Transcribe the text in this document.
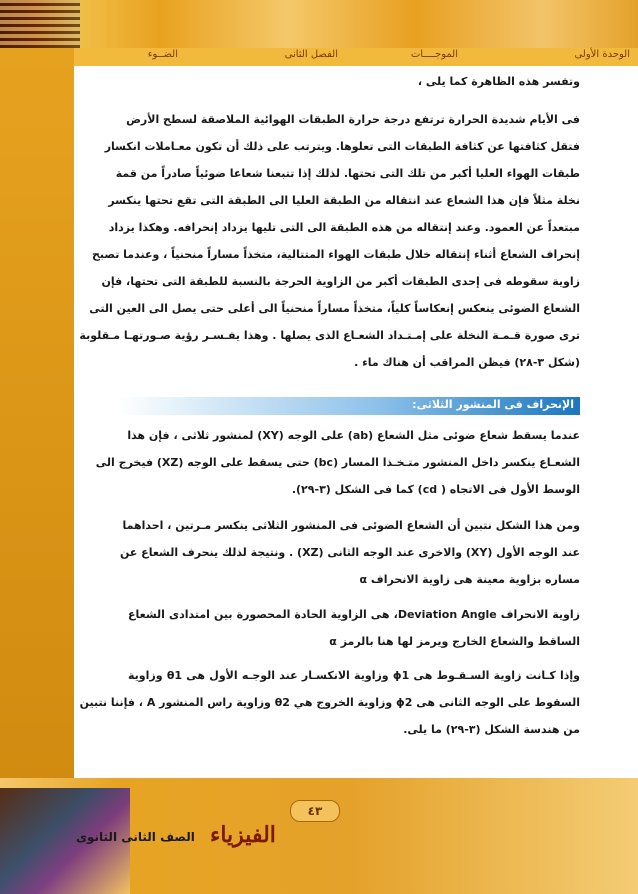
الوحدة الأولى
الموجــــات
الفصل الثانى
الضــوء
وتفسر هذه الظاهرة كما يلى ،
فى الأيام شديدة الحرارة ترتفع درجة حرارة الطبقات الهوائية الملاصقة لسطح الأرض
فتقل كثافتها عن كثافة الطبقات التى تعلوها. ويترتب على ذلك أن تكون معـاملات انكسار
طبقات الهواء العليا أكبر من تلك التى تحتها. لذلك إذا تتبعنا شعاعا ضوئياً صادراً من قمة
نخلة مثلاً فإن هذا الشعاع عند انتقاله من الطبقة العليا الى الطبقة التى تقع تحتها ينكسر
مبتعداً عن العمود. وعند إنتقاله من هذه الطبقة الى التى تليها يزداد إنحرافه. وهكذا يزداد
إنحراف الشعاع أثناء إنتقاله خلال طبقات الهواء المتتالية، متخذاً مساراً منحنياً ، وعندما تصبح
زاوية سقوطه فى إحدى الطبقات أكبر من الزاوية الحرجة بالنسبة للطبقة التى تحتها، فإن
الشعاع الضوئى ينعكس إنعكاساً كلياً، متخذاً مساراً منحنياً الى أعلى حتى يصل الى العين التى
ترى صورة قـمـة النخلة على إمـتـداد الشعـاع الذى يصلها . وهذا يفـسـر رؤية صـورتهـا مـقلوبة
(شكل ٣-٢٨) فيظن المراقب أن هناك ماء .
الإنحراف فى المنشور الثلاثى:
عندما يسقط شعاع ضوئى مثل الشعاع (ab) على الوجه (XY) لمنشور ثلاثى ، فإن هذا
الشعـاع ينكسر داخل المنشور متـخـذا المسار (bc) حتى يسقط على الوجه (XZ) فيخرج الى
الوسط الأول فى الاتجاه ( cd) كما فى الشكل (٣-٢٩).
ومن هذا الشكل نتبين أن الشعاع الضوئى فى المنشور الثلاثى ينكسر مـرتين ، احداهما
عند الوجه الأول (XY) والاخرى عند الوجه الثانى (XZ) . ونتيجة لذلك ينحرف الشعاع عن
مساره بزاوية معينة هى زاوية الانحراف α
زاوية الانحراف Deviation Angle، هى الزاوية الحادة المحصورة بين امتدادى الشعاع
الساقط والشعاع الخارج ويرمز لها هنا بالرمز α
وإذا كـانت زاوية السـقـوط هى ϕ1 وزاوية الانكسـار عند الوجـه الأول هى θ1 وزاوية
السقوط على الوجه الثانى هى ϕ2 وزاوية الخروج هي θ2 وزاوية راس المنشور A ، فإننا نتبين
من هندسة الشكل (٣-٢٩) ما يلى.
٤٣
الفيزياء
الصف الثانى الثانوى
